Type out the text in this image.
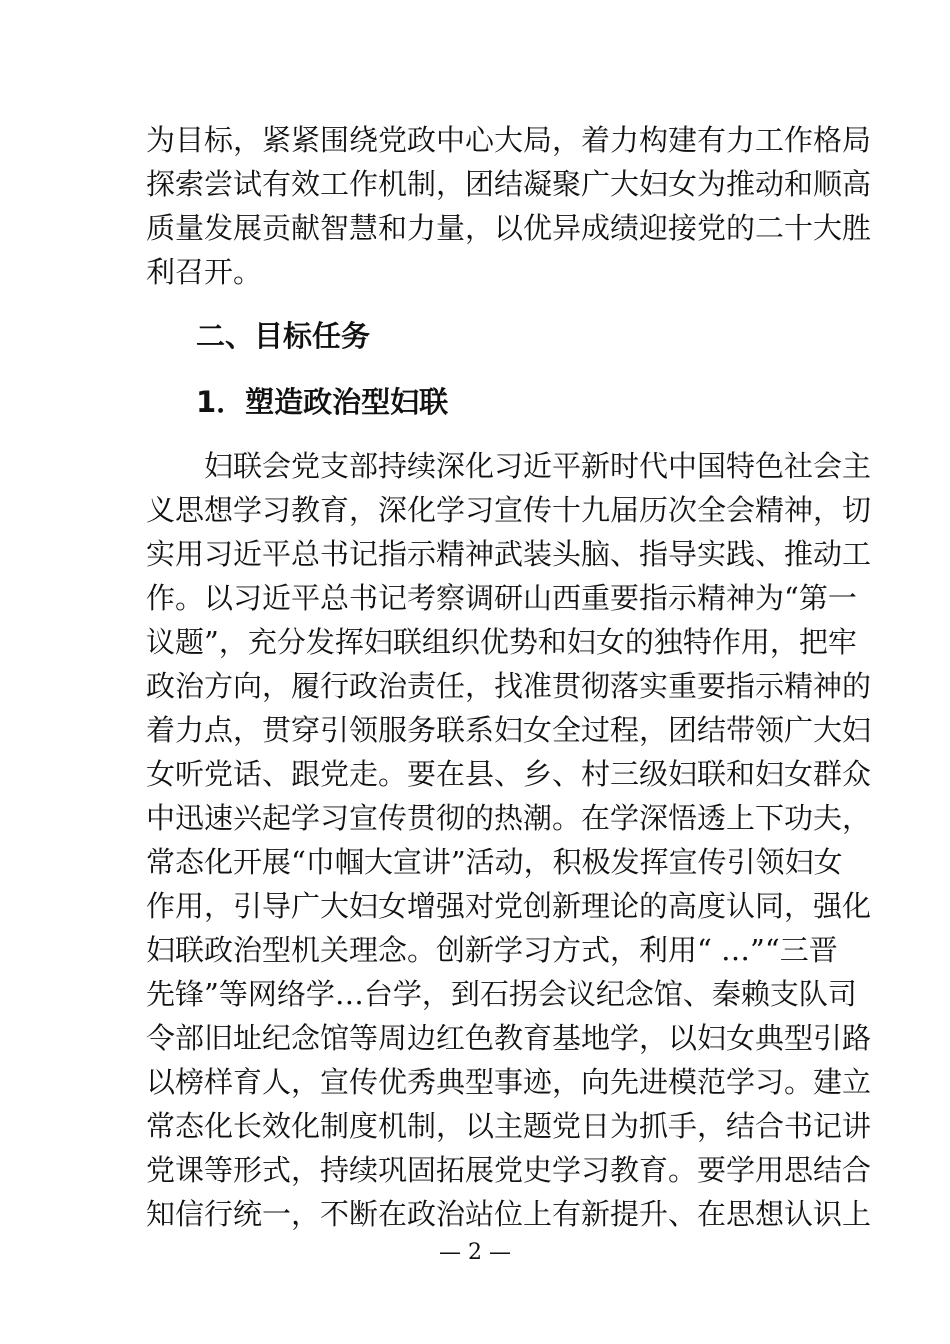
为目标，紧紧围绕党政中心大局，着力构建有力工作格局
探索尝试有效工作机制，团结凝聚广大妇女为推动和顺高
质量发展贡献智慧和力量，以优异成绩迎接党的二十大胜
利召开。
二、目标任务
1．塑造政治型妇联
　　妇联会党支部持续深化习近平新时代中国特色社会主
义思想学习教育，深化学习宣传十九届历次全会精神，切
实用习近平总书记指示精神武装头脑、指导实践、推动工
作。以习近平总书记考察调研山西重要指示精神为“第一
议题”，充分发挥妇联组织优势和妇女的独特作用，把牢
政治方向，履行政治责任，找准贯彻落实重要指示精神的
着力点，贯穿引领服务联系妇女全过程，团结带领广大妇
女听党话、跟党走。要在县、乡、村三级妇联和妇女群众
中迅速兴起学习宣传贯彻的热潮。在学深悟透上下功夫，
常态化开展“巾帼大宣讲”活动，积极发挥宣传引领妇女
作用，引导广大妇女增强对党创新理论的高度认同，强化
妇联政治型机关理念。创新学习方式，利用“ …”“三晋
先锋”等网络学…台学，到石拐会议纪念馆、秦赖支队司
令部旧址纪念馆等周边红色教育基地学，以妇女典型引路
以榜样育人，宣传优秀典型事迹，向先进模范学习。建立
常态化长效化制度机制，以主题党日为抓手，结合书记讲
党课等形式，持续巩固拓展党史学习教育。要学用思结合
知信行统一，不断在政治站位上有新提升、在思想认识上
— 2 —
